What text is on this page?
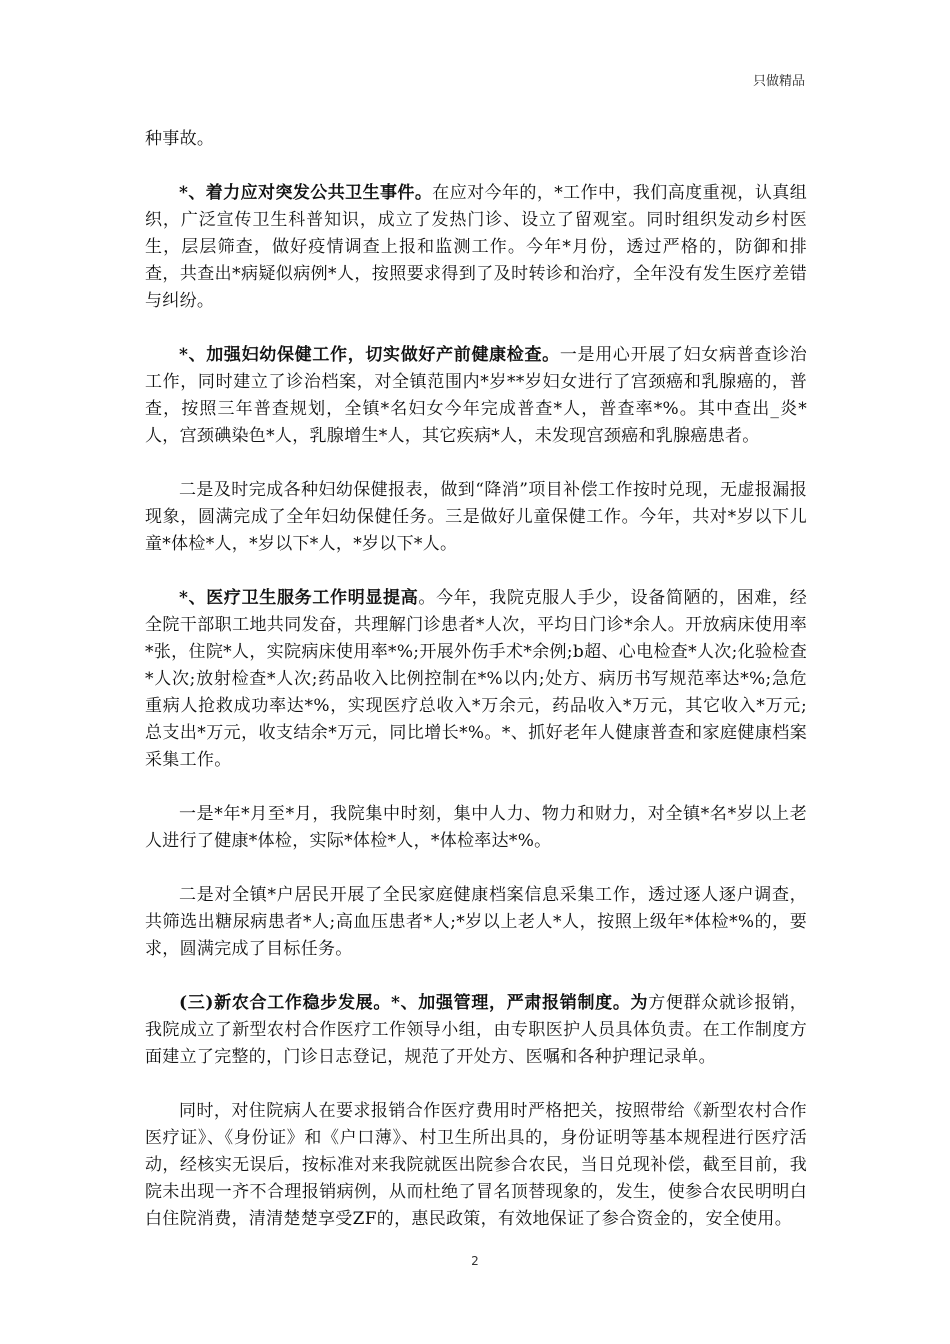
只做精品

种事故。

*、着力应对突发公共卫生事件。在应对今年的，*工作中，我们高度重视，认真组织，广泛宣传卫生科普知识，成立了发热门诊、设立了留观室。同时组织发动乡村医生，层层筛查，做好疫情调查上报和监测工作。今年*月份，透过严格的，防御和排查，共查出*病疑似病例*人，按照要求得到了及时转诊和治疗，全年没有发生医疗差错与纠纷。

*、加强妇幼保健工作，切实做好产前健康检查。一是用心开展了妇女病普查诊治工作，同时建立了诊治档案，对全镇范围内*岁**岁妇女进行了宫颈癌和乳腺癌的，普查，按照三年普查规划，全镇*名妇女今年完成普查*人，普查率*%。其中查出_炎*人，宫颈碘染色*人，乳腺增生*人，其它疾病*人，未发现宫颈癌和乳腺癌患者。

二是及时完成各种妇幼保健报表，做到“降消”项目补偿工作按时兑现，无虚报漏报现象，圆满完成了全年妇幼保健任务。三是做好儿童保健工作。今年，共对*岁以下儿童*体检*人，*岁以下*人，*岁以下*人。

*、医疗卫生服务工作明显提高。今年，我院克服人手少，设备简陋的，困难，经全院干部职工地共同发奋，共理解门诊患者*人次，平均日门诊*余人。开放病床使用率*张，住院*人，实院病床使用率*%;开展外伤手术*余例;b超、心电检查*人次;化验检查*人次;放射检查*人次;药品收入比例控制在*%以内;处方、病历书写规范率达*%;急危重病人抢救成功率达*%，实现医疗总收入*万余元，药品收入*万元，其它收入*万元;总支出*万元，收支结余*万元，同比增长*%。*、抓好老年人健康普查和家庭健康档案采集工作。

一是*年*月至*月，我院集中时刻，集中人力、物力和财力，对全镇*名*岁以上老人进行了健康*体检，实际*体检*人，*体检率达*%。

二是对全镇*户居民开展了全民家庭健康档案信息采集工作，透过逐人逐户调查，共筛选出糖尿病患者*人;高血压患者*人;*岁以上老人*人，按照上级年*体检*%的，要求，圆满完成了目标任务。

(三)新农合工作稳步发展。*、加强管理，严肃报销制度。为方便群众就诊报销，我院成立了新型农村合作医疗工作领导小组，由专职医护人员具体负责。在工作制度方面建立了完整的，门诊日志登记，规范了开处方、医嘱和各种护理记录单。

同时，对住院病人在要求报销合作医疗费用时严格把关，按照带给《新型农村合作医疗证》、《身份证》和《户口薄》、村卫生所出具的，身份证明等基本规程进行医疗活动，经核实无误后，按标准对来我院就医出院参合农民，当日兑现补偿，截至目前，我院未出现一齐不合理报销病例，从而杜绝了冒名顶替现象的，发生，使参合农民明明白白住院消费，清清楚楚享受ZF的，惠民政策，有效地保证了参合资金的，安全使用。

2
